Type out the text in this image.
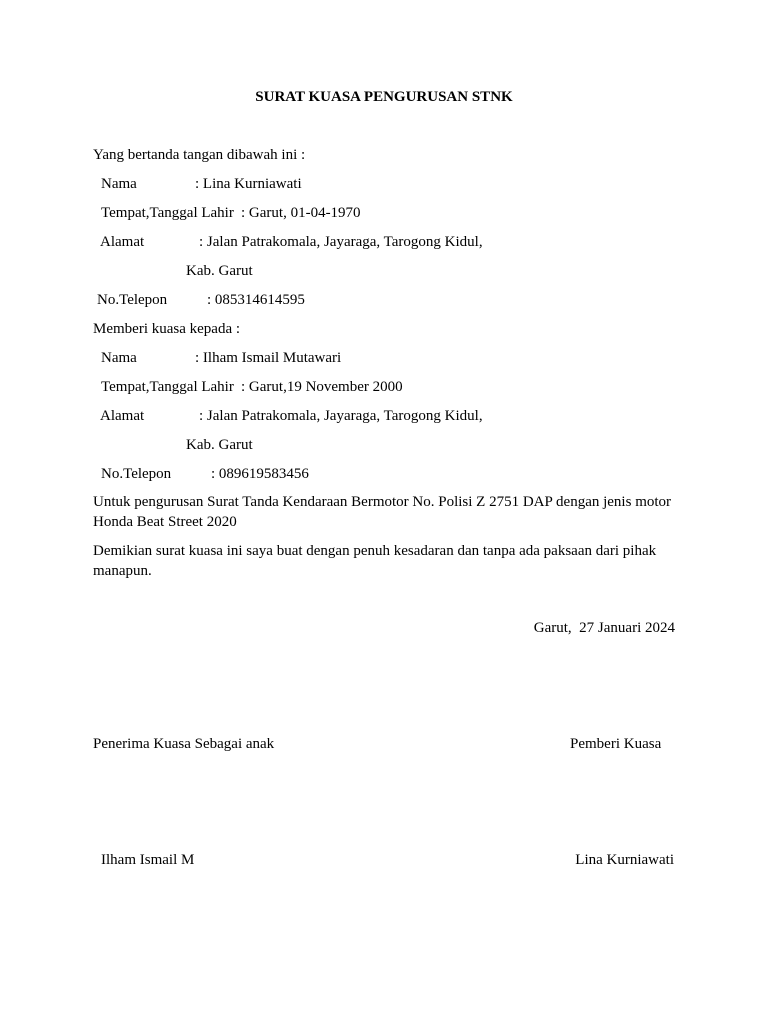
SURAT KUASA PENGURUSAN STNK
Yang bertanda tangan dibawah ini :
Nama	: Lina Kurniawati
Tempat,Tanggal Lahir : Garut, 01-04-1970
Alamat	: Jalan Patrakomala, Jayaraga, Tarogong Kidul,
Kab. Garut
No.Telepon	: 085314614595
Memberi kuasa kepada :
Nama	: Ilham Ismail Mutawari
Tempat,Tanggal Lahir : Garut,19 November 2000
Alamat	: Jalan Patrakomala, Jayaraga, Tarogong Kidul,
Kab. Garut
No.Telepon	: 089619583456
Untuk pengurusan Surat Tanda Kendaraan Bermotor No. Polisi Z 2751 DAP dengan jenis motor Honda Beat Street 2020
Demikian surat kuasa ini saya buat dengan penuh kesadaran dan tanpa ada paksaan dari pihak manapun.
Garut,  27 Januari 2024
Penerima Kuasa Sebagai anak	Pemberi Kuasa
Ilham Ismail M	Lina Kurniawati
